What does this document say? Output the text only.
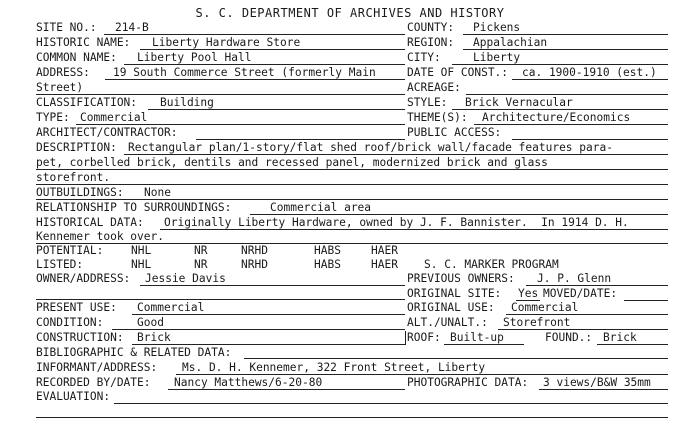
S. C. DEPARTMENT OF ARCHIVES AND HISTORY
SITE NO.: 214-B	COUNTY: Pickens
HISTORIC NAME: Liberty Hardware Store	REGION: Appalachian
COMMON NAME: Liberty Pool Hall	CITY:	Liberty
ADDRESS: 19 South Commerce Street (formerly Main	DATE OF CONST.: ca. 1900-1910 (est.)
Street)	ACREAGE:
CLASSIFICATION: Building	STYLE: Brick Vernacular
TYPE: Commercial	THEME(S): Architecture/Economics
ARCHITECT/CONTRACTOR:	PUBLIC ACCESS:
DESCRIPTION: Rectangular plan/1-story/flat shed roof/brick wall/facade features para-
pet, corbelled brick, dentils and recessed panel, modernized brick and glass
storefront.
OUTBUILDINGS: None
RELATIONSHIP TO SURROUNDINGS:	Commercial area
HISTORICAL DATA: Originally Liberty Hardware, owned by J. F. Bannister.  In 1914 D. H.
Kennemer took over.
POTENTIAL: NHL	NR	NRHD	HABS	HAER
LISTED:	NHL	NR	NRHD	HABS	HAER S. C. MARKER PROGRAM
OWNER/ADDRESS: Jessie Davis	PREVIOUS OWNERS: J. P. Glenn
ORIGINAL SITE: Yes MOVED/DATE:
PRESENT USE: Commercial	ORIGINAL USE: Commercial
CONDITION:	Good	ALT./UNALT.: Storefront
CONSTRUCTION: Brick	ROOF: Built-up	FOUND.: Brick
BIBLIOGRAPHIC & RELATED DATA:
INFORMANT/ADDRESS: Ms. D. H. Kennemer, 322 Front Street, Liberty
RECORDED BY/DATE: Nancy Matthews/6-20-80	PHOTOGRAPHIC DATA: 3 views/B&W 35mm
EVALUATION:
